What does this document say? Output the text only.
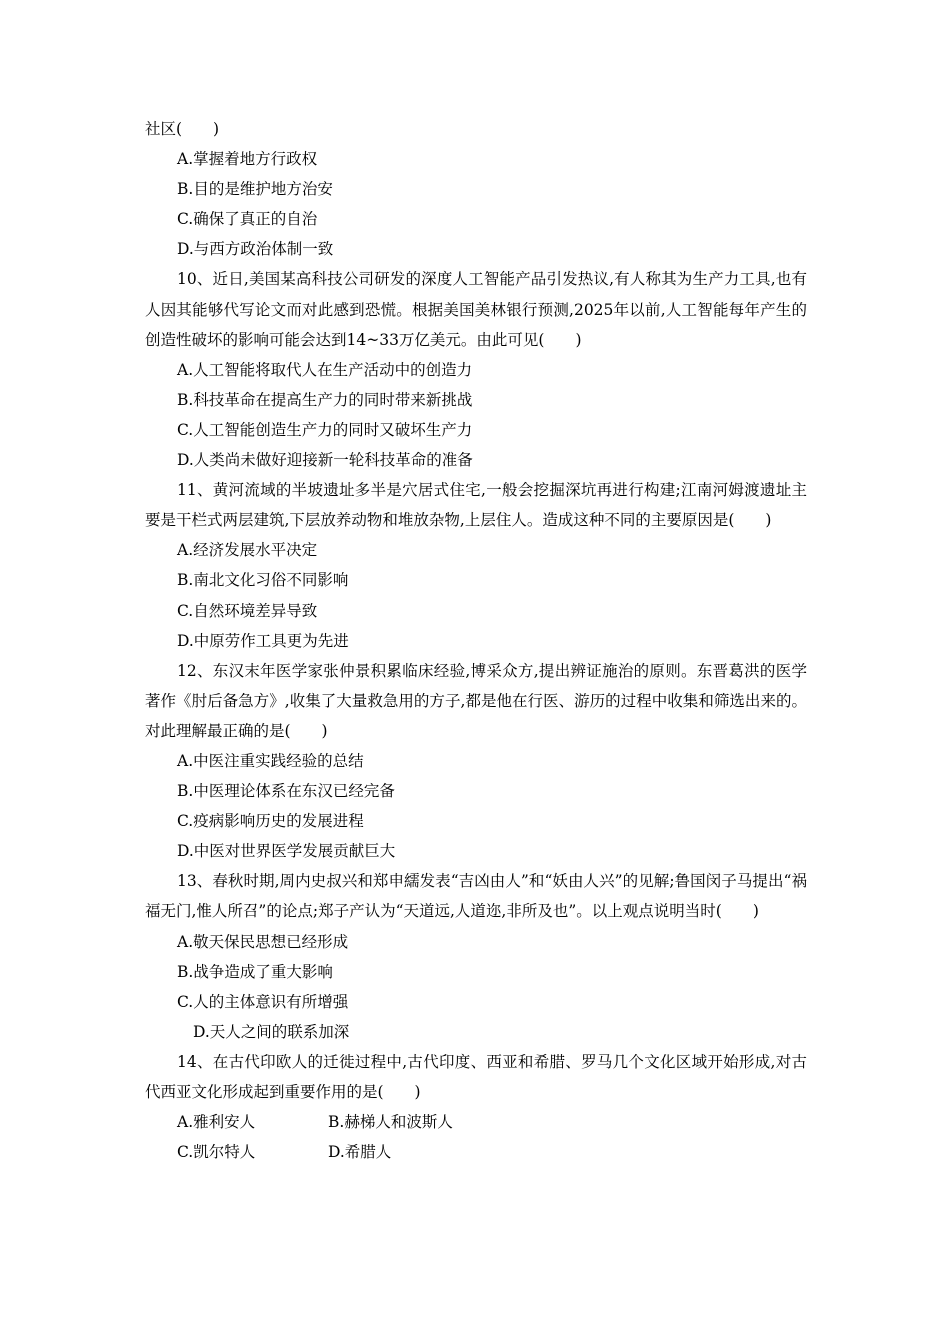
社区(　　)
A.掌握着地方行政权
B.目的是维护地方治安
C.确保了真正的自治
D.与西方政治体制一致
10、近日,美国某高科技公司研发的深度人工智能产品引发热议,有人称其为生产力工具,也有人因其能够代写论文而对此感到恐慌。根据美国美林银行预测,2025年以前,人工智能每年产生的创造性破坏的影响可能会达到14~33万亿美元。由此可见(　　)
A.人工智能将取代人在生产活动中的创造力
B.科技革命在提高生产力的同时带来新挑战
C.人工智能创造生产力的同时又破坏生产力
D.人类尚未做好迎接新一轮科技革命的准备
11、黄河流域的半坡遗址多半是穴居式住宅,一般会挖掘深坑再进行构建;江南河姆渡遗址主要是干栏式两层建筑,下层放养动物和堆放杂物,上层住人。造成这种不同的主要原因是(　　)
A.经济发展水平决定
B.南北文化习俗不同影响
C.自然环境差异导致
D.中原劳作工具更为先进
12、东汉末年医学家张仲景积累临床经验,博采众方,提出辨证施治的原则。东晋葛洪的医学著作《肘后备急方》,收集了大量救急用的方子,都是他在行医、游历的过程中收集和筛选出来的。对此理解最正确的是(　　)
A.中医注重实践经验的总结
B.中医理论体系在东汉已经完备
C.疫病影响历史的发展进程
D.中医对世界医学发展贡献巨大
13、春秋时期,周内史叔兴和郑申繻发表“吉凶由人”和“妖由人兴”的见解;鲁国闵子马提出“祸福无门,惟人所召”的论点;郑子产认为“天道远,人道迩,非所及也”。以上观点说明当时(　　)
A.敬天保民思想已经形成
B.战争造成了重大影响
C.人的主体意识有所增强
D.天人之间的联系加深
14、在古代印欧人的迁徙过程中,古代印度、西亚和希腊、罗马几个文化区域开始形成,对古代西亚文化形成起到重要作用的是(　　)
A.雅利安人	B.赫梯人和波斯人
C.凯尔特人	D.希腊人
